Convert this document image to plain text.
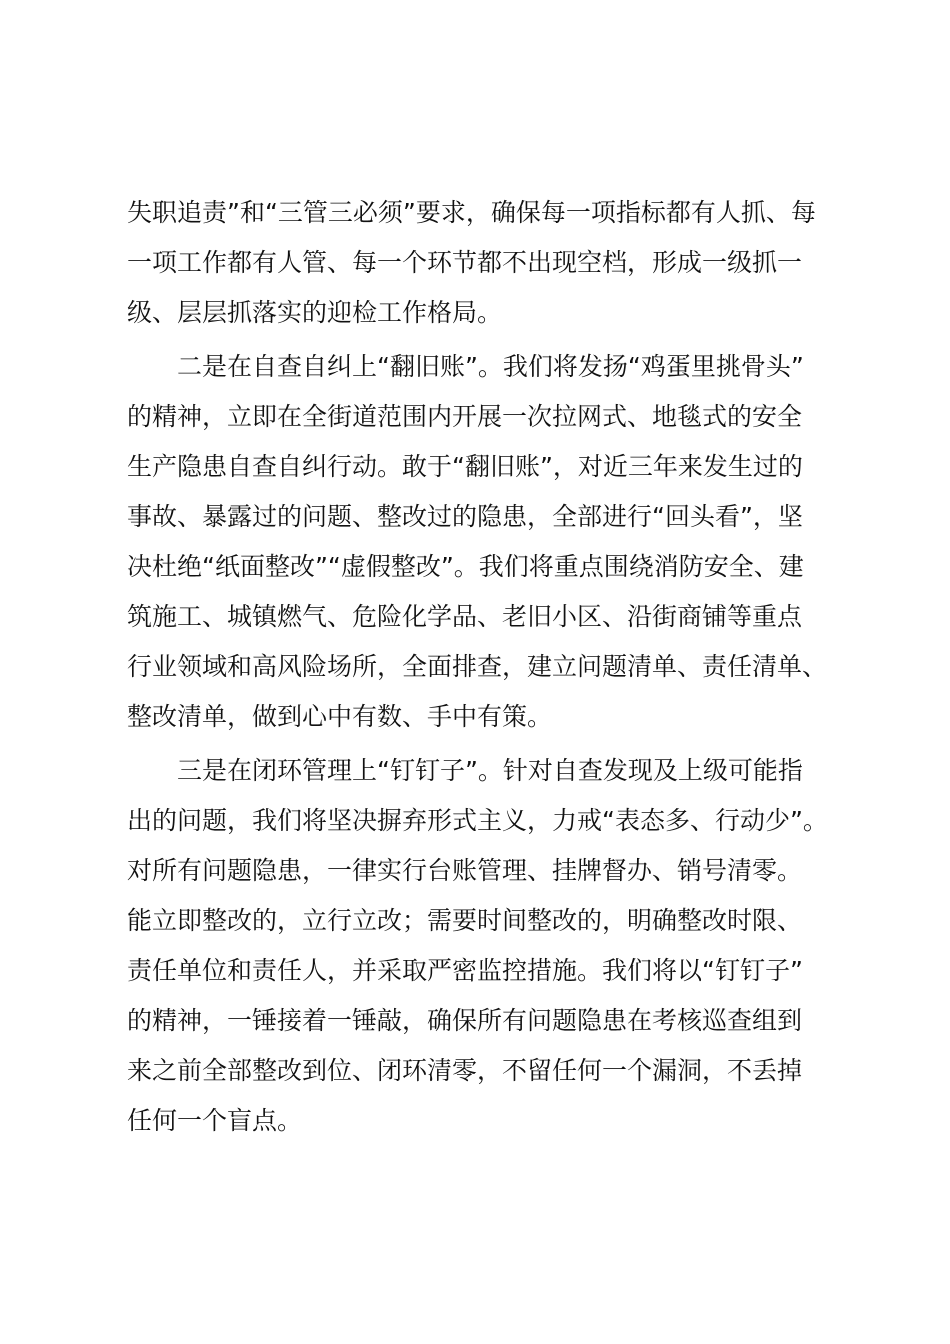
失职追责”和“三管三必须”要求，确保每一项指标都有人抓、每
一项工作都有人管、每一个环节都不出现空档，形成一级抓一
级、层层抓落实的迎检工作格局。
二是在自查自纠上“翻旧账”。我们将发扬“鸡蛋里挑骨头”
的精神，立即在全街道范围内开展一次拉网式、地毯式的安全
生产隐患自查自纠行动。敢于“翻旧账”，对近三年来发生过的
事故、暴露过的问题、整改过的隐患，全部进行“回头看”，坚
决杜绝“纸面整改”“虚假整改”。我们将重点围绕消防安全、建
筑施工、城镇燃气、危险化学品、老旧小区、沿街商铺等重点
行业领域和高风险场所，全面排查，建立问题清单、责任清单、
整改清单，做到心中有数、手中有策。
三是在闭环管理上“钉钉子”。针对自查发现及上级可能指
出的问题，我们将坚决摒弃形式主义，力戒“表态多、行动少”。
对所有问题隐患，一律实行台账管理、挂牌督办、销号清零。
能立即整改的，立行立改；需要时间整改的，明确整改时限、
责任单位和责任人，并采取严密监控措施。我们将以“钉钉子”
的精神，一锤接着一锤敲，确保所有问题隐患在考核巡查组到
来之前全部整改到位、闭环清零，不留任何一个漏洞，不丢掉
任何一个盲点。
